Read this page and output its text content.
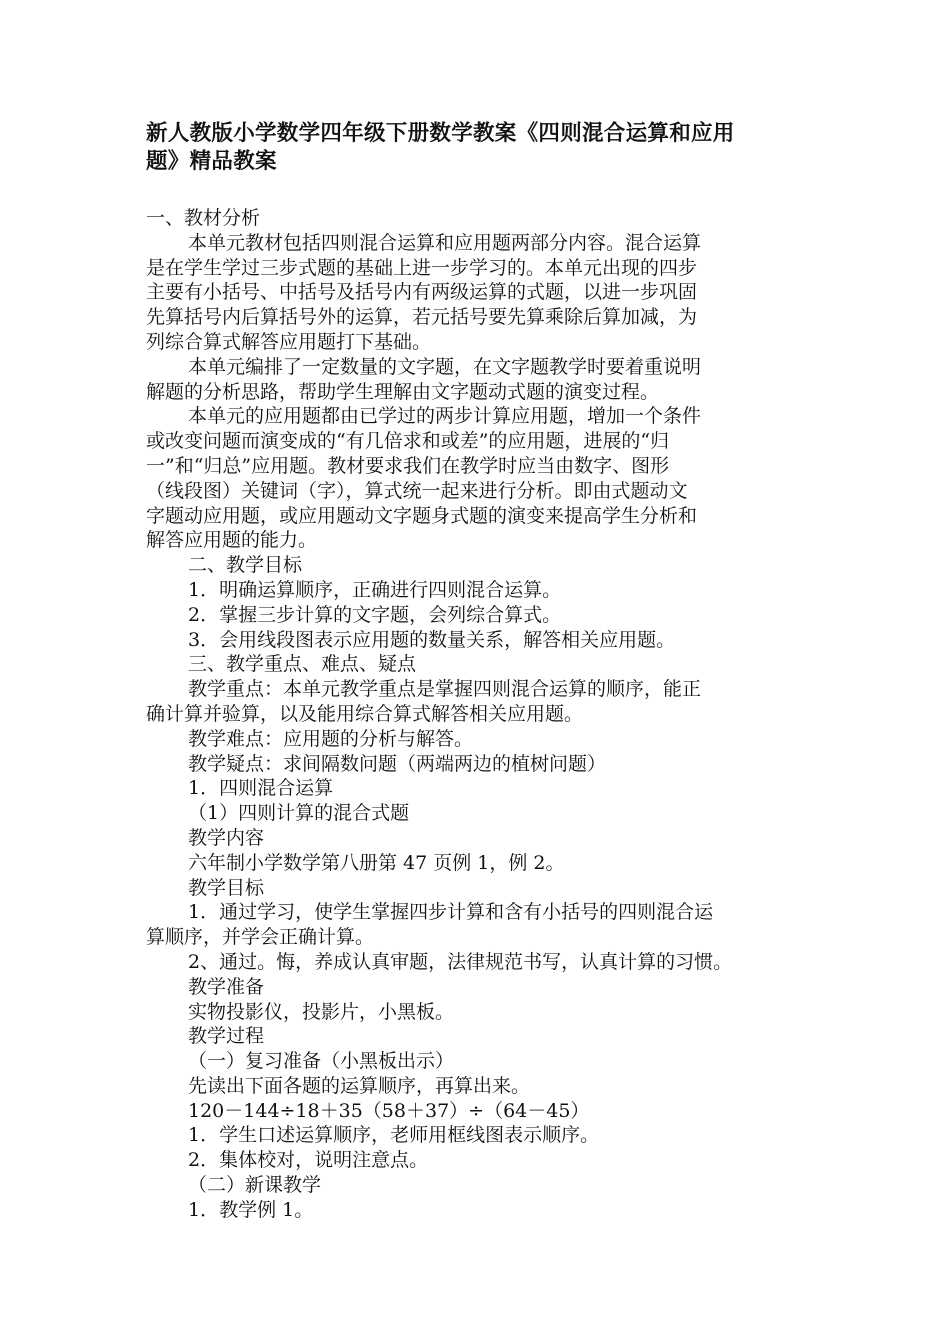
新人教版小学数学四年级下册数学教案《四则混合运算和应用
题》精品教案

一、教材分析

本单元教材包括四则混合运算和应用题两部分内容。混合运算

是在学生学过三步式题的基础上进一步学习的。本单元出现的四步

主要有小括号、中括号及括号内有两级运算的式题，以进一步巩固

先算括号内后算括号外的运算，若元括号要先算乘除后算加减，为

列综合算式解答应用题打下基础。

本单元编排了一定数量的文字题，在文字题教学时要着重说明

解题的分析思路，帮助学生理解由文字题动式题的演变过程。

本单元的应用题都由已学过的两步计算应用题，增加一个条件

或改变问题而演变成的“有几倍求和或差”的应用题，进展的“归

一”和“归总”应用题。教材要求我们在教学时应当由数字、图形

（线段图）关键词（字），算式统一起来进行分析。即由式题动文

字题动应用题，或应用题动文字题身式题的演变来提高学生分析和

解答应用题的能力。

二、教学目标

1．明确运算顺序，正确进行四则混合运算。

2．掌握三步计算的文字题，会列综合算式。

3．会用线段图表示应用题的数量关系，解答相关应用题。

三、教学重点、难点、疑点

教学重点：本单元教学重点是掌握四则混合运算的顺序，能正

确计算并验算，以及能用综合算式解答相关应用题。

教学难点：应用题的分析与解答。

教学疑点：求间隔数问题（两端两边的植树问题）

1．四则混合运算

（1）四则计算的混合式题

教学内容

六年制小学数学第八册第 47 页例 1，例 2。

教学目标

1．通过学习，使学生掌握四步计算和含有小括号的四则混合运

算顺序，并学会正确计算。

2、通过。悔，养成认真审题，法律规范书写，认真计算的习惯。

教学准备

实物投影仪，投影片，小黑板。

教学过程

（一）复习准备（小黑板出示）

先读出下面各题的运算顺序，再算出来。

120－144÷18＋35（58＋37）÷（64－45）

1．学生口述运算顺序，老师用框线图表示顺序。

2．集体校对，说明注意点。

（二）新课教学

1．教学例 1。
